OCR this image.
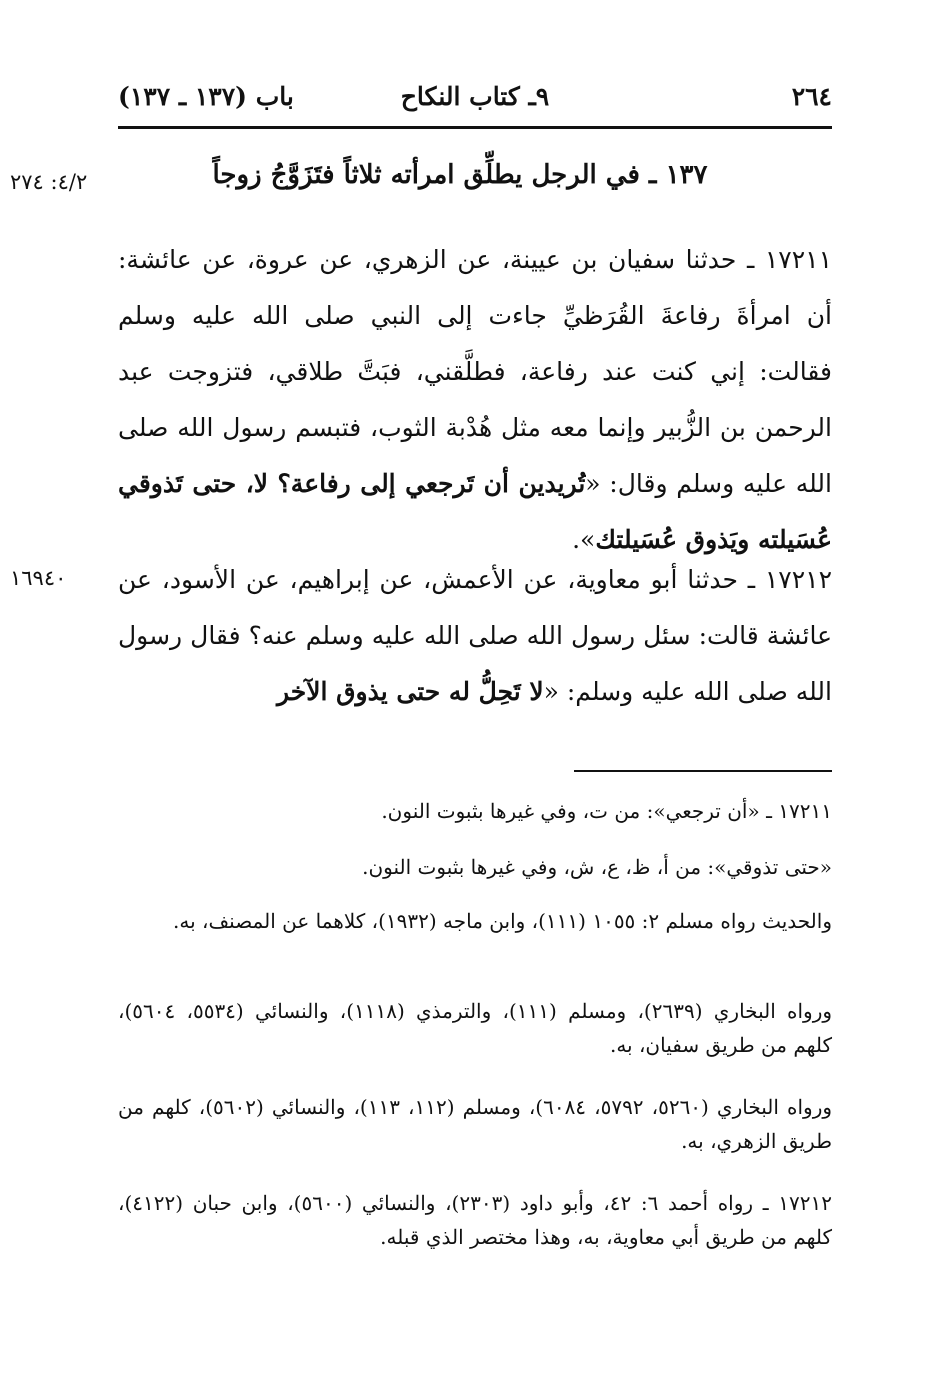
٢٦٤
٩ـ كتاب النكاح
باب (١٣٧ ـ ١٣٧)
٤/٢: ٢٧٤	١٣٧ ـ في الرجل يطلِّق امرأته ثلاثاً فتَزَوَّجُ زوجاً
١٧٢١١ ـ حدثنا سفيان بن عيينة، عن الزهري، عن عروة، عن عائشة: أن امرأةَ رفاعةَ القُرَظيِّ جاءت إلى النبي صلى الله عليه وسلم فقالت: إني كنت عند رفاعة، فطلَّقني، فبَتَّ طلاقي، فتزوجت عبد الرحمن بن الزُّبير وإنما معه مثل هُدْبة الثوب، فتبسم رسول الله صلى الله عليه وسلم وقال: «تُريدين أن تَرجعي إلى رفاعة؟ لا، حتى تَذوقي عُسَيلته ويَذوق عُسَيلتك».
١٦٩٤٠ ١٧٢١٢ ـ حدثنا أبو معاوية، عن الأعمش، عن إبراهيم، عن الأسود، عن عائشة قالت: سئل رسول الله صلى الله عليه وسلم عنه؟ فقال رسول الله صلى الله عليه وسلم: «لا تَحِلُّ له حتى يذوق الآخر
١٧٢١١ ـ «أن ترجعي»: من ت، وفي غيرها بثبوت النون.
«حتى تذوقي»: من أ، ظ، ع، ش، وفي غيرها بثبوت النون.
والحديث رواه مسلم ٢: ١٠٥٥ (١١١)، وابن ماجه (١٩٣٢)، كلاهما عن المصنف، به.
ورواه البخاري (٢٦٣٩)، ومسلم (١١١)، والترمذي (١١١٨)، والنسائي (٥٥٣٤، ٥٦٠٤)، كلهم من طريق سفيان، به.
ورواه البخاري (٥٢٦٠، ٥٧٩٢، ٦٠٨٤)، ومسلم (١١٢، ١١٣)، والنسائي (٥٦٠٢)، كلهم من طريق الزهري، به.
١٧٢١٢ ـ رواه أحمد ٦: ٤٢، وأبو داود (٢٣٠٣)، والنسائي (٥٦٠٠)، وابن حبان (٤١٢٢)، كلهم من طريق أبي معاوية، به، وهذا مختصر الذي قبله.
